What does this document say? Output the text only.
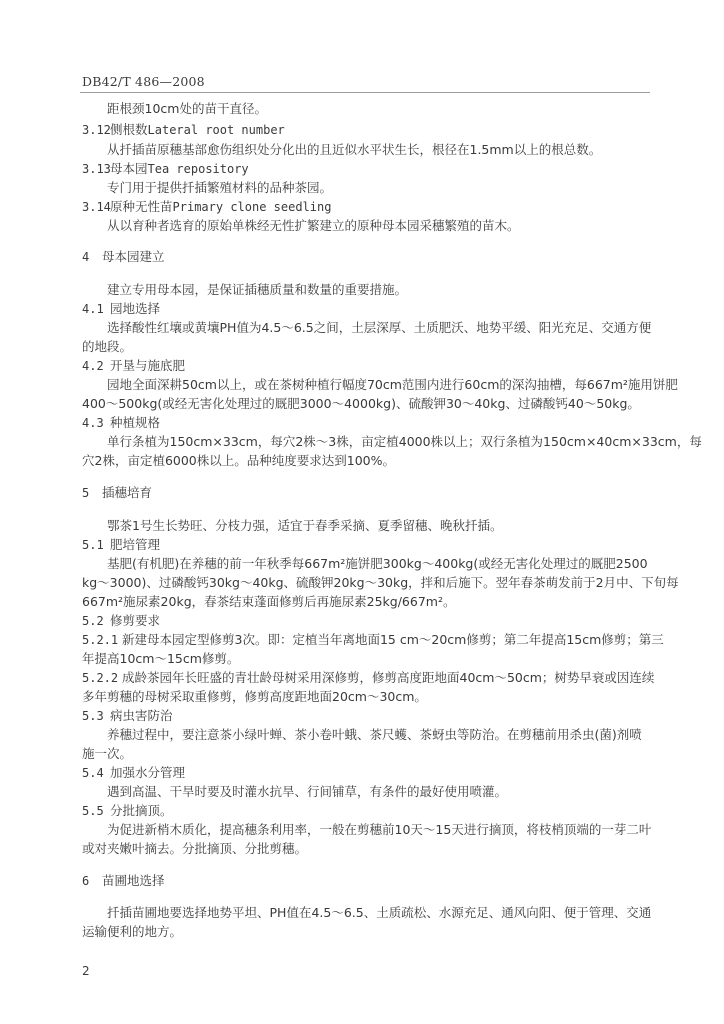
DB42/T 486—2008
距根颈10cm处的苗干直径。
3.12侧根数Lateral root number
从扦插苗原穗基部愈伤组织处分化出的且近似水平状生长，根径在1.5mm以上的根总数。
3.13母本园Tea repository
专门用于提供扦插繁殖材料的品种茶园。
3.14原种无性苗Primary clone seedling
从以育种者选育的原始单株经无性扩繁建立的原种母本园采穗繁殖的苗木。
4 母本园建立
建立专用母本园，是保证插穗质量和数量的重要措施。
4.1 园地选择
选择酸性红壤或黄壤PH值为4.5～6.5之间，土层深厚、土质肥沃、地势平缓、阳光充足、交通方便
的地段。
4.2 开垦与施底肥
园地全面深耕50cm以上，或在茶树种植行幅度70cm范围内进行60cm的深沟抽槽，每667m²施用饼肥
400～500kg(或经无害化处理过的厩肥3000～4000kg)、硫酸钾30～40kg、过磷酸钙40～50kg。
4.3 种植规格
单行条植为150cm×33cm，每穴2株～3株，亩定植4000株以上；双行条植为150cm×40cm×33cm，每
穴2株，亩定植6000株以上。品种纯度要求达到100%。
5 插穗培育
鄂茶1号生长势旺、分枝力强，适宜于春季采摘、夏季留穗、晚秋扦插。
5.1 肥培管理
基肥(有机肥)在养穗的前一年秋季每667m²施饼肥300kg～400kg(或经无害化处理过的厩肥2500
kg～3000)、过磷酸钙30kg～40kg、硫酸钾20kg～30kg，拌和后施下。翌年春茶萌发前于2月中、下旬每
667m²施尿素20kg，春茶结束蓬面修剪后再施尿素25kg/667m²。
5.2 修剪要求
5.2.1 新建母本园定型修剪3次。即：定植当年离地面15 cm～20cm修剪；第二年提高15cm修剪；第三
年提高10cm～15cm修剪。
5.2.2 成龄茶园年长旺盛的青壮龄母树采用深修剪，修剪高度距地面40cm～50cm；树势早衰或因连续
多年剪穗的母树采取重修剪，修剪高度距地面20cm～30cm。
5.3 病虫害防治
养穗过程中，要注意茶小绿叶蝉、茶小卷叶蛾、茶尺蠖、茶蚜虫等防治。在剪穗前用杀虫(菌)剂喷
施一次。
5.4 加强水分管理
遇到高温、干旱时要及时灌水抗旱、行间铺草，有条件的最好使用喷灌。
5.5 分批摘顶。
为促进新梢木质化，提高穗条利用率，一般在剪穗前10天～15天进行摘顶，将枝梢顶端的一芽二叶
或对夹嫩叶摘去。分批摘顶、分批剪穗。
6 苗圃地选择
扦插苗圃地要选择地势平坦、PH值在4.5～6.5、土质疏松、水源充足、通风向阳、便于管理、交通
运输便利的地方。
2
